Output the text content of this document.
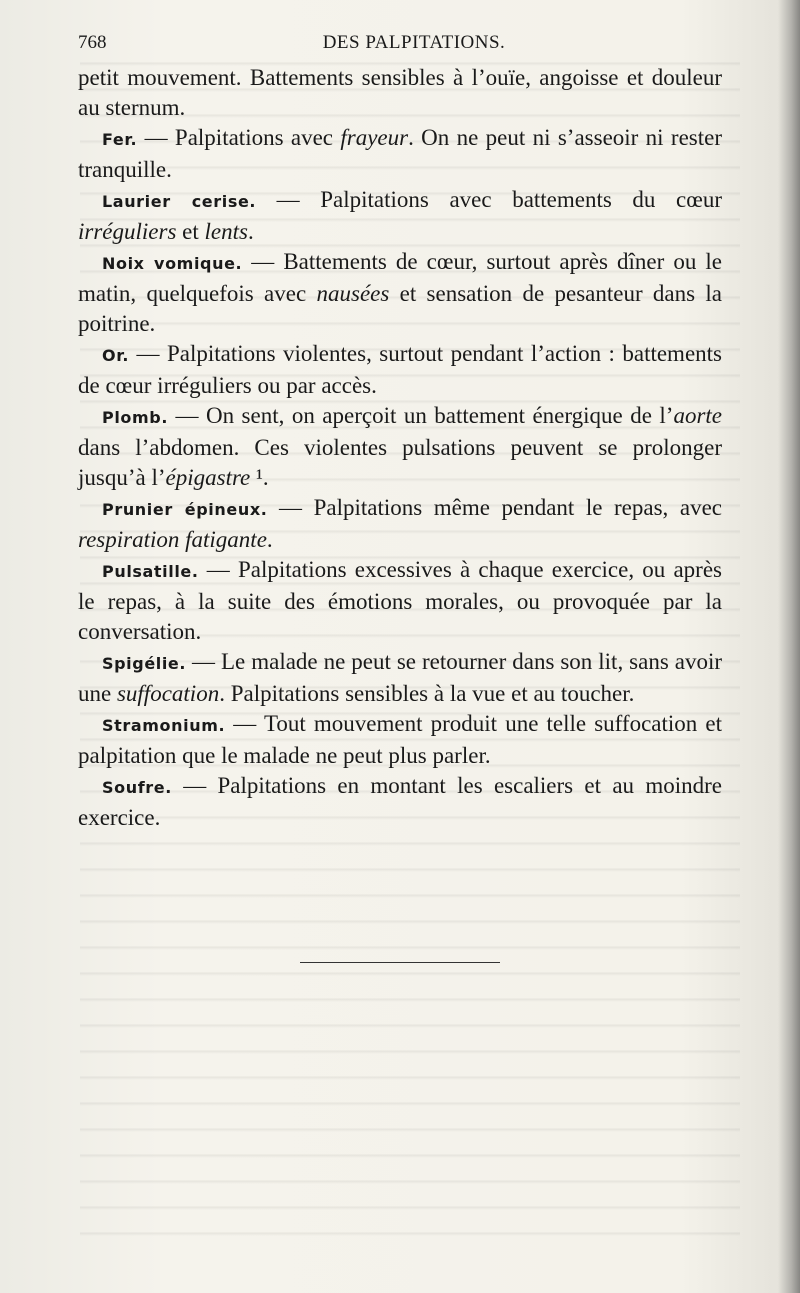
768	DES PALPITATIONS.

petit mouvement. Battements sensibles à l’ouïe, angoisse et douleur au sternum.

Fer. — Palpitations avec frayeur. On ne peut ni s’asseoir ni rester tranquille.

Laurier cerise. — Palpitations avec battements du cœur irréguliers et lents.

Noix vomique. — Battements de cœur, surtout après dîner ou le matin, quelquefois avec nausées et sensation de pesanteur dans la poitrine.

Or. — Palpitations violentes, surtout pendant l’action : battements de cœur irréguliers ou par accès.

Plomb. — On sent, on aperçoit un battement énergique de l’aorte dans l’abdomen. Ces violentes pulsations peuvent se prolonger jusqu’à l’épigastre ¹.

Prunier épineux. — Palpitations même pendant le repas, avec respiration fatigante.

Pulsatille. — Palpitations excessives à chaque exercice, ou après le repas, à la suite des émotions morales, ou provoquée par la conversation.

Spigélie. — Le malade ne peut se retourner dans son lit, sans avoir une suffocation. Palpitations sensibles à la vue et au toucher.

Stramonium. — Tout mouvement produit une telle suffocation et palpitation que le malade ne peut plus parler.

Soufre. — Palpitations en montant les escaliers et au moindre exercice.
